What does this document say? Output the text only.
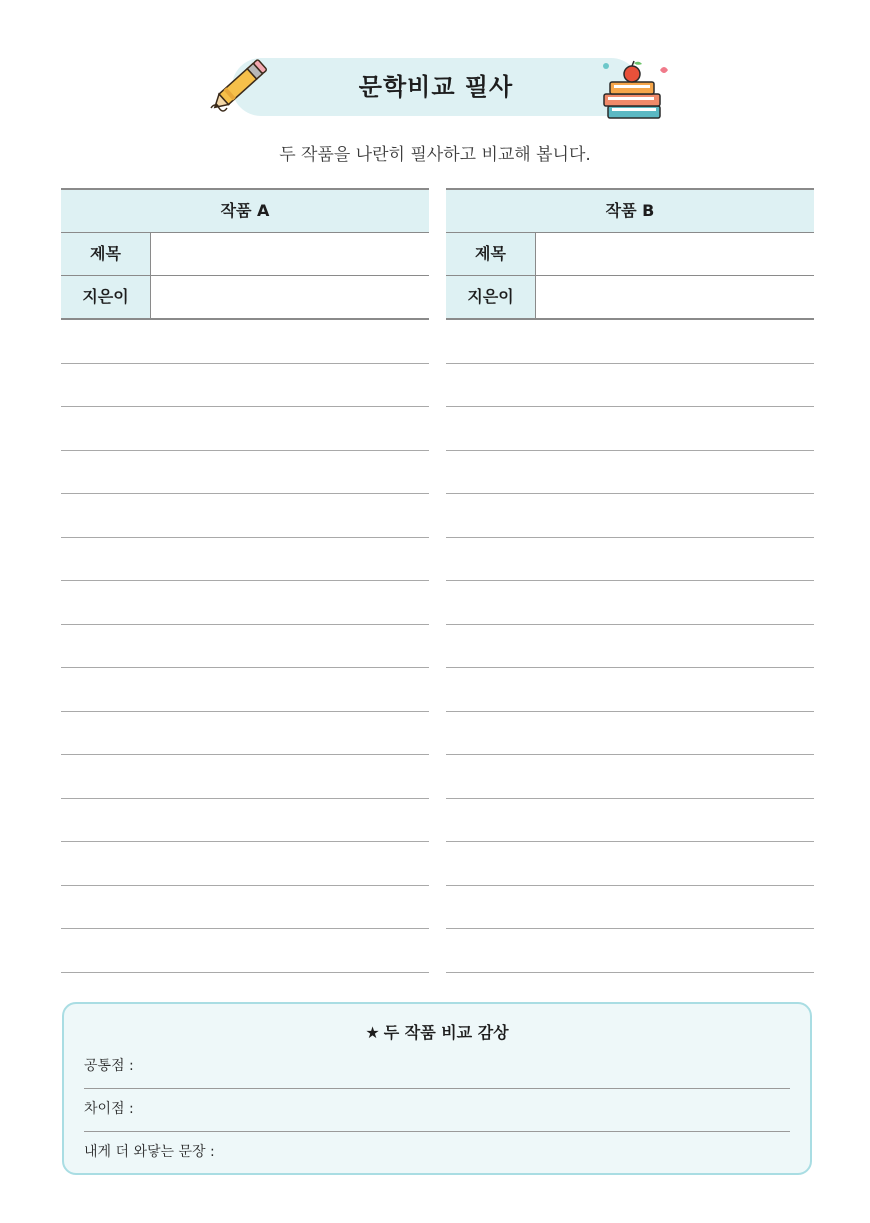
문학비교 필사
두 작품을 나란히 필사하고 비교해 봅니다.
작품 A
제목
지은이
작품 B
제목
지은이
★ 두 작품 비교 감상
공통점 :
차이점 :
내게 더 와닿는 문장 :
